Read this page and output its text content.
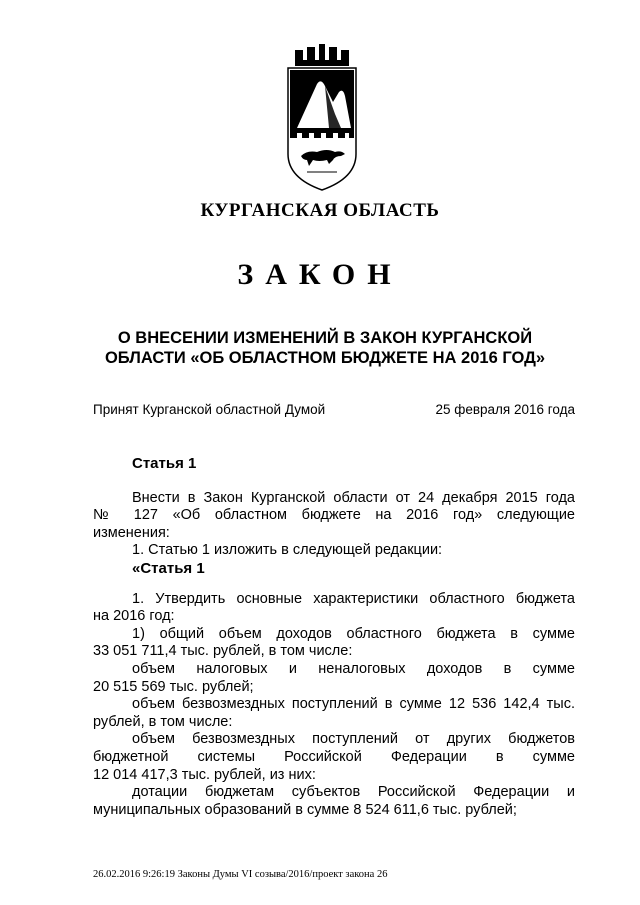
КУРГАНСКАЯ ОБЛАСТЬ
ЗАКОН
О ВНЕСЕНИИ ИЗМЕНЕНИЙ В ЗАКОН КУРГАНСКОЙ
ОБЛАСТИ «ОБ ОБЛАСТНОМ БЮДЖЕТЕ НА 2016 ГОД»
Принят Курганской областной Думой	25 февраля 2016 года

Статья 1

Внести в Закон Курганской области от 24 декабря 2015 года

№ 127 «Об областном бюджете на 2016 год» следующие

изменения:

1. Статью 1 изложить в следующей редакции:

«Статья 1

1. Утвердить основные характеристики областного бюджета

на 2016 год:

1) общий объем доходов областного бюджета в сумме

33 051 711,4 тыс. рублей, в том числе:

объем налоговых и неналоговых доходов в сумме

20 515 569 тыс. рублей;

объем безвозмездных поступлений в сумме 12 536 142,4 тыс.

рублей, в том числе:

объем безвозмездных поступлений от других бюджетов

бюджетной системы Российской Федерации в сумме

12 014 417,3 тыс. рублей, из них:

дотации бюджетам субъектов Российской Федерации и

муниципальных образований в сумме 8 524 611,6 тыс. рублей;

26.02.2016 9:26:19 Законы Думы VI созыва/2016/проект закона 26
